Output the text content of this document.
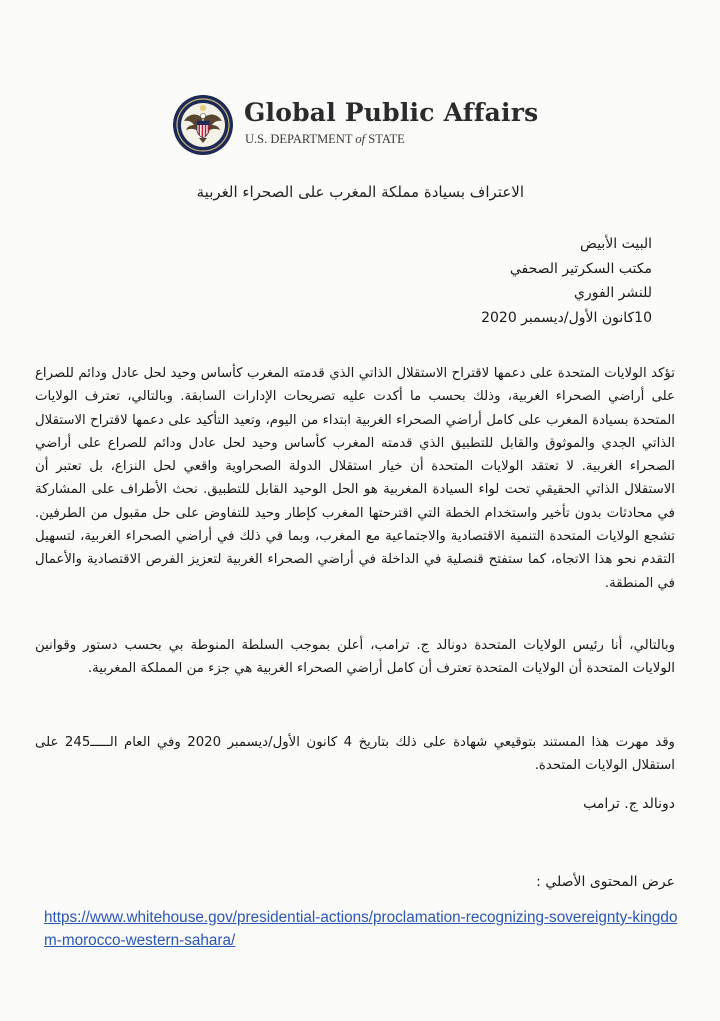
Global Public Affairs
U.S. DEPARTMENT of STATE
الاعتراف بسيادة مملكة المغرب على الصحراء الغربية
البيت الأبيض
مكتب السكرتير الصحفي
للنشر الفوري
10كانون الأول/ديسمبر 2020
تؤكد الولايات المتحدة على دعمها لاقتراح الاستقلال الذاتي الذي قدمته المغرب كأساس وحيد لحل عادل ودائم للصراع على أراضي الصحراء الغربية، وذلك بحسب ما أكدت عليه تصريحات الإدارات السابقة. وبالتالي، تعترف الولايات المتحدة بسيادة المغرب على كامل أراضي الصحراء الغربية ابتداء من اليوم، وتعيد التأكيد على دعمها لاقتراح الاستقلال الذاتي الجدي والموثوق والقابل للتطبيق الذي قدمته المغرب كأساس وحيد لحل عادل ودائم للصراع على أراضي الصحراء الغربية. لا تعتقد الولايات المتحدة أن خيار استقلال الدولة الصحراوية واقعي لحل النزاع، بل تعتبر أن الاستقلال الذاتي الحقيقي تحت لواء السيادة المغربية هو الحل الوحيد القابل للتطبيق. نحث الأطراف على المشاركة في محادثات بدون تأخير واستخدام الخطة التي اقترحتها المغرب كإطار وحيد للتفاوض على حل مقبول من الطرفين. تشجع الولايات المتحدة التنمية الاقتصادية والاجتماعية مع المغرب، وبما في ذلك في أراضي الصحراء الغربية، لتسهيل التقدم نحو هذا الاتجاه، كما ستفتح قنصلية في الداخلة في أراضي الصحراء الغربية لتعزيز الفرص الاقتصادية والأعمال في المنطقة.
وبالتالي، أنا رئيس الولايات المتحدة دونالد ج. ترامب، أعلن بموجب السلطة المنوطة بي بحسب دستور وقوانين الولايات المتحدة أن الولايات المتحدة تعترف أن كامل أراضي الصحراء الغربية هي جزء من المملكة المغربية.
وقد مهرت هذا المستند بتوقيعي شهادة على ذلك بتاريخ 4 كانون الأول/ديسمبر 2020 وفي العام الـــــ245 على استقلال الولايات المتحدة.
دونالد ج. ترامب
عرض المحتوى الأصلي :
https://www.whitehouse.gov/presidential-actions/proclamation-recognizing-sovereignty-kingdom-morocco-western-sahara/
